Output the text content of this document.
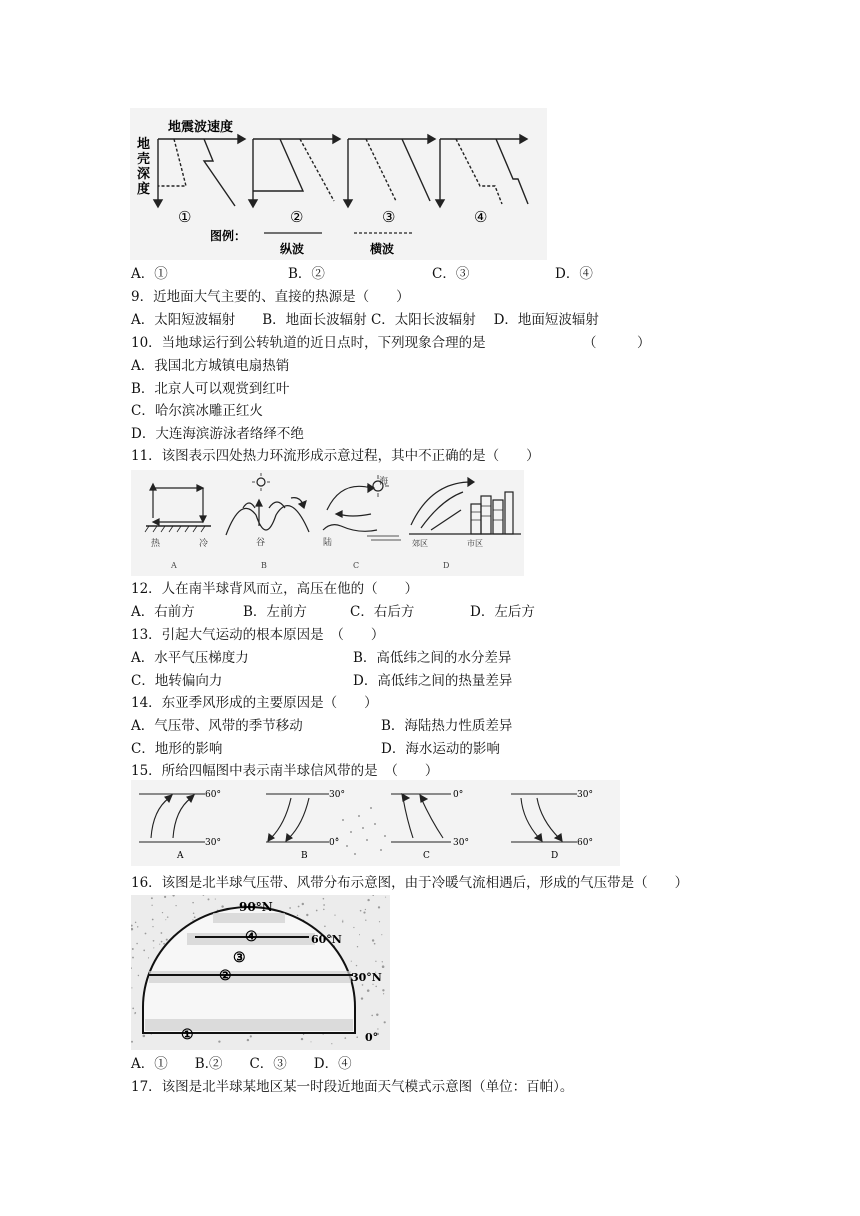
地震波速度
地
壳
深
度
①	②	③	④
图例：
纵波	横波
A．①	B．②	C．③	D．④
9．近地面大气主要的、直接的热源是（　　）
A．太阳短波辐射　　B．地面长波辐射 C．太阳长波辐射　 D．地面短波辐射
10．当地球运行到公转轨道的近日点时，下列现象合理的是	（　　　）
A．我国北方城镇电扇热销
B．北京人可以观赏到红叶
C．哈尔滨冰雕正红火
D．大连海滨游泳者络绎不绝
11．该图表示四处热力环流形成示意过程，其中不正确的是（　　）
热	冷	谷	陆
海
郊区	市区
A	B	C	D
12．人在南半球背风而立，高压在他的（　　）
A．右前方	B．左前方	C．右后方	D．左后方
13．引起大气运动的根本原因是　（　　）
A．水平气压梯度力	B．高低纬之间的水分差异
C．地转偏向力	D．高低纬之间的热量差异
14．东亚季风形成的主要原因是（　　）
A．气压带、风带的季节移动	B．海陆热力性质差异
C．地形的影响	D．海水运动的影响
15．所给四幅图中表示南半球信风带的是　（　　）
60°
30°
30°
0°
0°
30°
30°
60°
A	B	C	D
16．该图是北半球气压带、风带分布示意图，由于冷暖气流相遇后，形成的气压带是（　　）
90°N
60°N
30°N
0°
①
②
③
④
A．①　　B.②　　C．③　　D．④
17．该图是北半球某地区某一时段近地面天气模式示意图（单位：百帕）。
